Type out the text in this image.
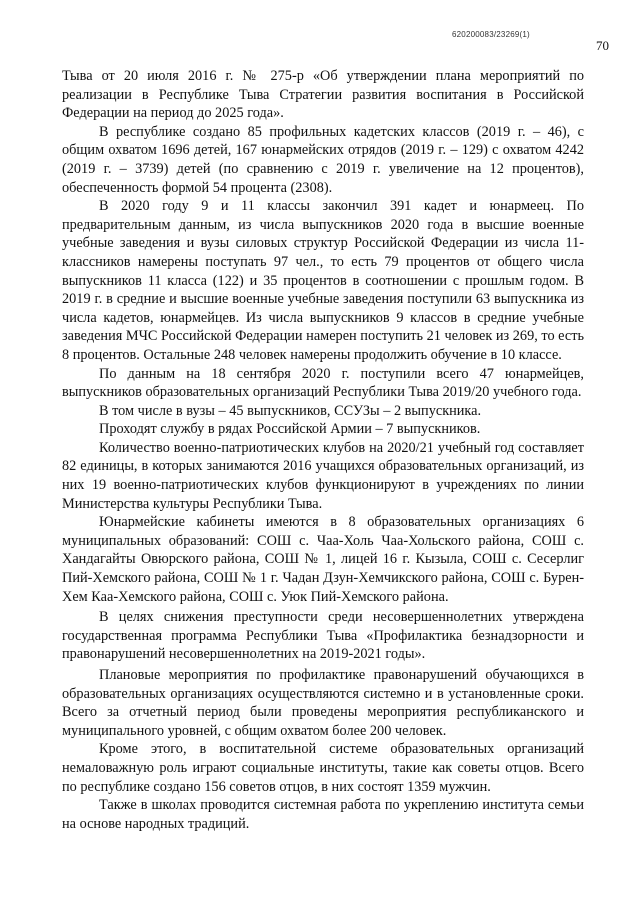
620200083/23269(1)
70

Тыва от 20 июля 2016 г. № 275-р «Об утверждении плана мероприятий по реализации в Республике Тыва Стратегии развития воспитания в Российской Федерации на период до 2025 года».

В республике создано 85 профильных кадетских классов (2019 г. – 46), с общим охватом 1696 детей, 167 юнармейских отрядов (2019 г. – 129) с охватом 4242 (2019 г. – 3739) детей (по сравнению с 2019 г. увеличение на 12 процентов), обеспеченность формой 54 процента (2308).

В 2020 году 9 и 11 классы закончил 391 кадет и юнармеец. По предварительным данным, из числа выпускников 2020 года в высшие военные учебные заведения и вузы силовых структур Российской Федерации из числа 11-классников намерены поступать 97 чел., то есть 79 процентов от общего числа выпускников 11 класса (122) и 35 процентов в соотношении с прошлым годом. В 2019 г. в средние и высшие военные учебные заведения поступили 63 выпускника из числа кадетов, юнармейцев. Из числа выпускников 9 классов в средние учебные заведения МЧС Российской Федерации намерен поступить 21 человек из 269, то есть 8 процентов. Остальные 248 человек намерены продолжить обучение в 10 классе.

По данным на 18 сентября 2020 г. поступили всего 47 юнармейцев, выпускников образовательных организаций Республики Тыва 2019/20 учебного года.

В том числе в вузы – 45 выпускников, ССУЗы – 2 выпускника.

Проходят службу в рядах Российской Армии – 7 выпускников.

Количество военно-патриотических клубов на 2020/21 учебный год составляет 82 единицы, в которых занимаются 2016 учащихся образовательных организаций, из них 19 военно-патриотических клубов функционируют в учреждениях по линии Министерства культуры Республики Тыва.

Юнармейские кабинеты имеются в 8 образовательных организациях 6 муниципальных образований: СОШ с. Чаа-Холь Чаа-Хольского района, СОШ с. Хандагайты Овюрского района, СОШ № 1, лицей 16 г. Кызыла, СОШ с. Сесерлиг Пий-Хемского района, СОШ № 1 г. Чадан Дзун-Хемчикского района, СОШ с. Бурен-Хем Каа-Хемского района, СОШ с. Уюк Пий-Хемского района.

В целях снижения преступности среди несовершеннолетних утверждена государственная программа Республики Тыва «Профилактика безнадзорности и правонарушений несовершеннолетних на 2019-2021 годы».

Плановые мероприятия по профилактике правонарушений обучающихся в образовательных организациях осуществляются системно и в установленные сроки. Всего за отчетный период были проведены мероприятия республиканского и муниципального уровней, с общим охватом более 200 человек.

Кроме этого, в воспитательной системе образовательных организаций немаловажную роль играют социальные институты, такие как советы отцов. Всего по республике создано 156 советов отцов, в них состоят 1359 мужчин.

Также в школах проводится системная работа по укреплению института семьи на основе народных традиций.
